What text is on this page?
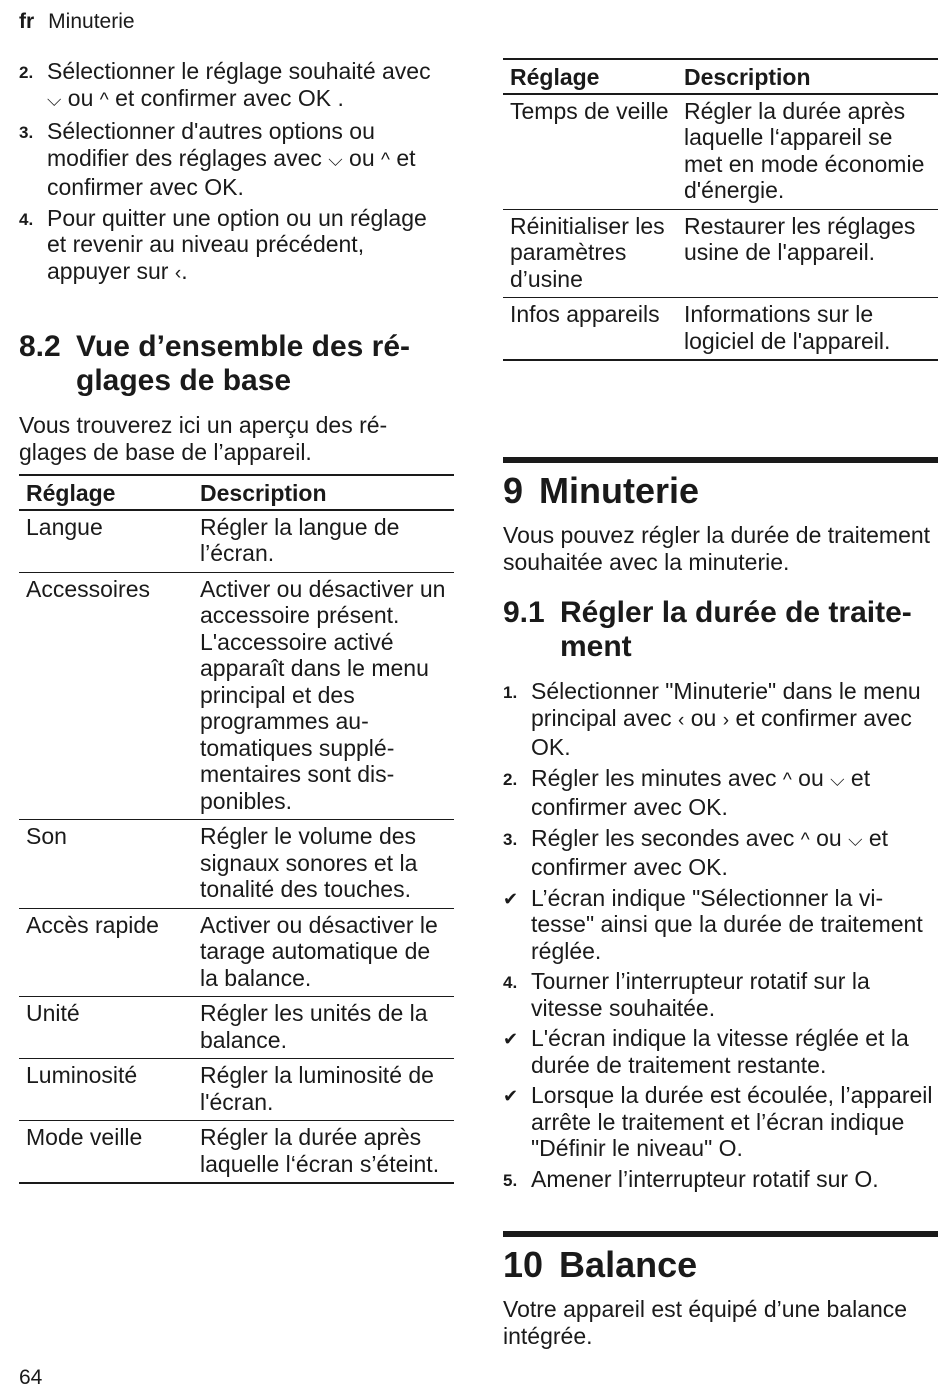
fr Minuterie
2. Sélectionner le réglage souhaité avec ⌵ ou ^ et confirmer avec OK .
3. Sélectionner d'autres options ou modifier des réglages avec ⌵ ou ^ et confirmer avec OK.
4. Pour quitter une option ou un réglage et revenir au niveau précédent, appuyer sur ‹.
8.2 Vue d’ensemble des réglages de base

Vous trouverez ici un aperçu des réglages de base de l’appareil.

Réglage	Description
Langue	Régler la langue de l’écran.
Accessoires	Activer ou désactiver un accessoire présent. L'accessoire activé apparaît dans le menu principal et des programmes automatiques supplémentaires sont disponibles.
Son	Régler le volume des signaux sonores et la tonalité des touches.
Accès rapide	Activer ou désactiver le tarage automatique de la balance.
Unité	Régler les unités de la balance.
Luminosité	Régler la luminosité de l'écran.
Mode veille	Régler la durée après laquelle l‘écran s’éteint.
Réglage	Description
Temps de veille	Régler la durée après laquelle l‘appareil se met en mode économie d'énergie.
Réinitialiser les paramètres d’usine	Restaurer les réglages usine de l'appareil.
Infos appareils	Informations sur le logiciel de l'appareil.
9 Minuterie

Vous pouvez régler la durée de traitement souhaitée avec la minuterie.

9.1 Régler la durée de traitement
1. Sélectionner "Minuterie" dans le menu principal avec ‹ ou › et confirmer avec OK.
2. Régler les minutes avec ^ ou ⌵ et confirmer avec OK.
3. Régler les secondes avec ^ ou ⌵ et confirmer avec OK.
✔ L’écran indique "Sélectionner la vitesse" ainsi que la durée de traitement réglée.
4. Tourner l’interrupteur rotatif sur la vitesse souhaitée.
✔ L'écran indique la vitesse réglée et la durée de traitement restante.
✔ Lorsque la durée est écoulée, l’appareil arrête le traitement et l’écran indique "Définir le niveau" O.
5. Amener l’interrupteur rotatif sur O.
10 Balance

Votre appareil est équipé d’une balance intégrée.

64
